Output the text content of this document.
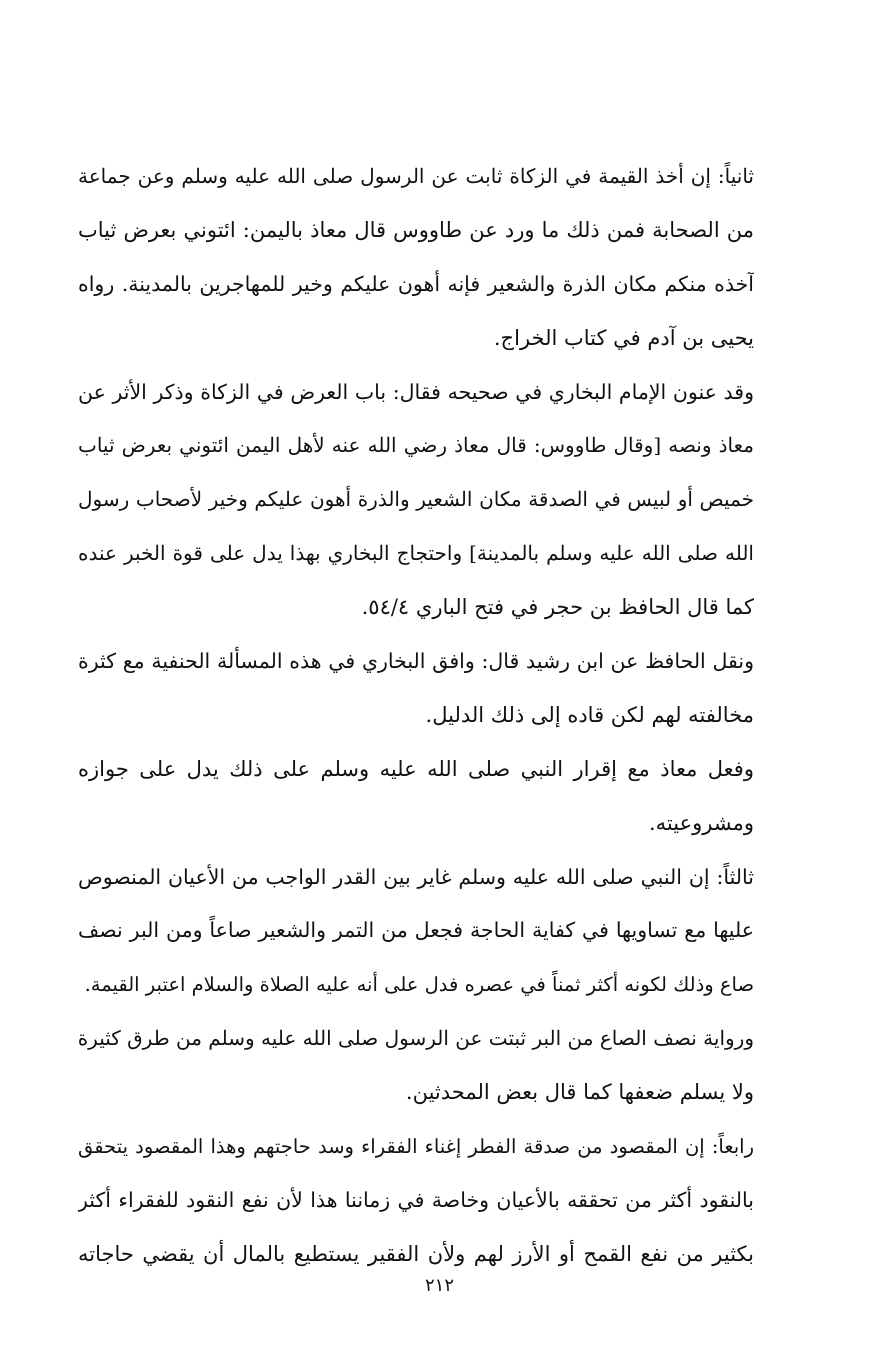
ثانياً: إن أخذ القيمة في الزكاة ثابت عن الرسول صلى الله عليه وسلم وعن جماعة
من الصحابة فمن ذلك ما ورد عن طاووس قال معاذ باليمن: ائتوني بعرض ثياب
آخذه منكم مكان الذرة والشعير فإنه أهون عليكم وخير للمهاجرين بالمدينة. رواه
يحيى بن آدم في كتاب الخراج.
وقد عنون الإمام البخاري في صحيحه فقال: باب العرض في الزكاة وذكر الأثر عن
معاذ ونصه [وقال طاووس: قال معاذ رضي الله عنه لأهل اليمن ائتوني بعرض ثياب
خميص أو لبيس في الصدقة مكان الشعير والذرة أهون عليكم وخير لأصحاب رسول
الله صلى الله عليه وسلم بالمدينة] واحتجاج البخاري بهذا يدل على قوة الخبر عنده
كما قال الحافظ بن حجر في فتح الباري ٥٤/٤.
ونقل الحافظ عن ابن رشيد قال: وافق البخاري في هذه المسألة الحنفية مع كثرة
مخالفته لهم لكن قاده إلى ذلك الدليل.
وفعل معاذ مع إقرار النبي صلى الله عليه وسلم على ذلك يدل على جوازه
ومشروعيته.
ثالثاً: إن النبي صلى الله عليه وسلم غاير بين القدر الواجب من الأعيان المنصوص
عليها مع تساويها في كفاية الحاجة فجعل من التمر والشعير صاعاً ومن البر نصف
صاع وذلك لكونه أكثر ثمناً في عصره فدل على أنه عليه الصلاة والسلام اعتبر القيمة.
ورواية نصف الصاع من البر ثبتت عن الرسول صلى الله عليه وسلم من طرق كثيرة
ولا يسلم ضعفها كما قال بعض المحدثين.
رابعاً: إن المقصود من صدقة الفطر إغناء الفقراء وسد حاجتهم وهذا المقصود يتحقق
بالنقود أكثر من تحققه بالأعيان وخاصة في زماننا هذا لأن نفع النقود للفقراء أكثر
بكثير من نفع القمح أو الأرز لهم ولأن الفقير يستطيع بالمال أن يقضي حاجاته
٢١٢
